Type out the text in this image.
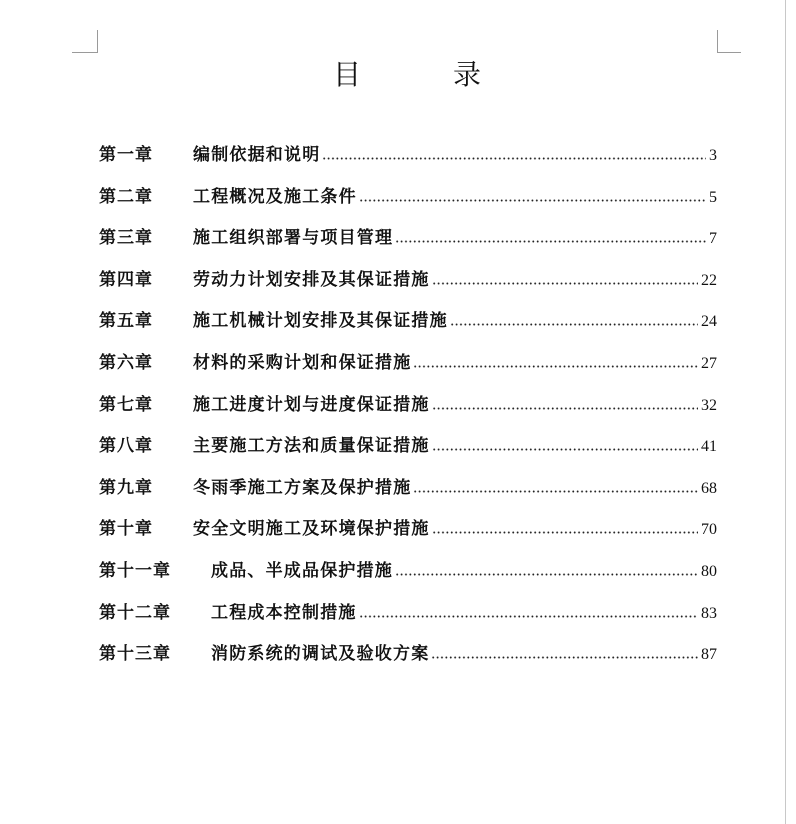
目　　　录
第一章 编制依据和说明	3
第二章 工程概况及施工条件	5
第三章 施工组织部署与项目管理	7
第四章 劳动力计划安排及其保证措施	22
第五章 施工机械计划安排及其保证措施	24
第六章 材料的采购计划和保证措施	27
第七章 施工进度计划与进度保证措施	32
第八章 主要施工方法和质量保证措施	41
第九章 冬雨季施工方案及保护措施	68
第十章 安全文明施工及环境保护措施	70
第十一章 成品、半成品保护措施	80
第十二章 工程成本控制措施	83
第十三章 消防系统的调试及验收方案	87
